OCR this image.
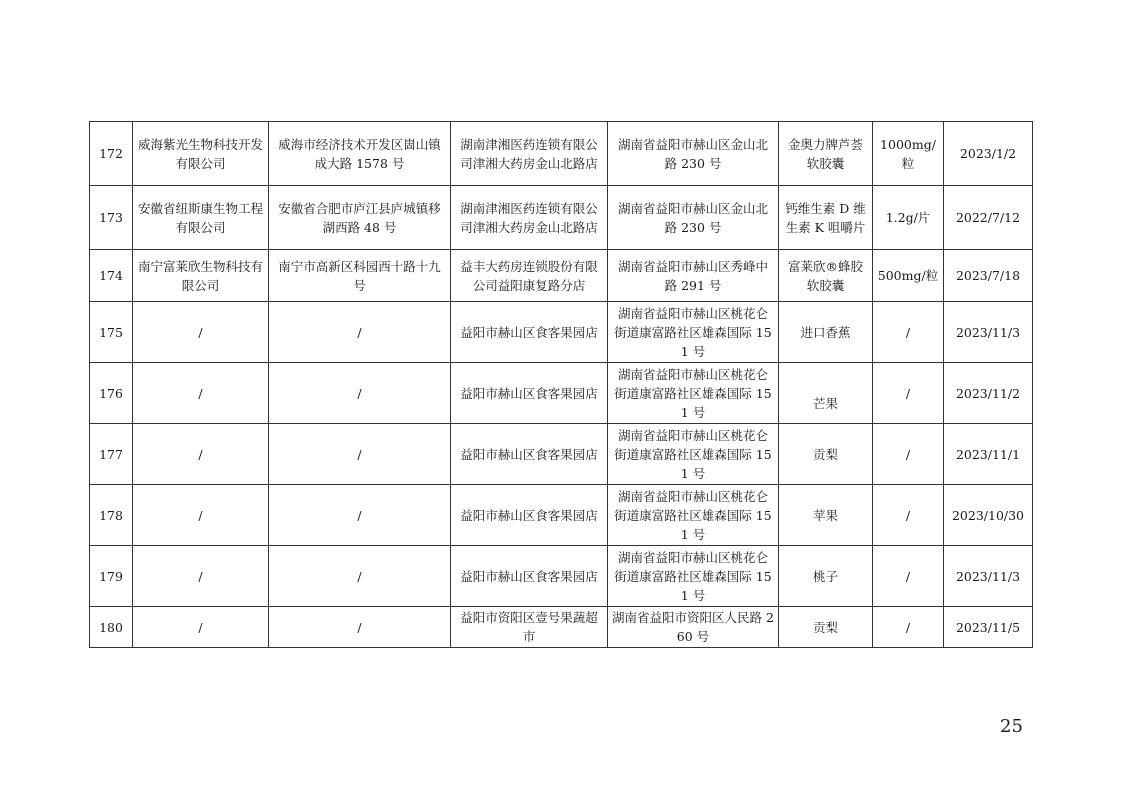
172	威海紫光生物科技开发有限公司	威海市经济技术开发区崮山镇成大路 1578 号	湖南津湘医药连锁有限公司津湘大药房金山北路店	湖南省益阳市赫山区金山北路 230 号	金奥力牌芦荟软胶囊	1000mg/粒	2023/1/2
173	安徽省纽斯康生物工程有限公司	安徽省合肥市庐江县庐城镇移湖西路 48 号	湖南津湘医药连锁有限公司津湘大药房金山北路店	湖南省益阳市赫山区金山北路 230 号	钙维生素 D 维生素 K 咀嚼片	1.2g/片	2022/7/12
174	南宁富莱欣生物科技有限公司	南宁市高新区科园西十路十九号	益丰大药房连锁股份有限公司益阳康复路分店	湖南省益阳市赫山区秀峰中路 291 号	富莱欣®蜂胶软胶囊	500mg/粒	2023/7/18
175	/	/	益阳市赫山区食客果园店	湖南省益阳市赫山区桃花仑街道康富路社区雄森国际 151 号	进口香蕉	/	2023/11/3
176	/	/	益阳市赫山区食客果园店	湖南省益阳市赫山区桃花仑街道康富路社区雄森国际 151 号	芒果	/	2023/11/2
177	/	/	益阳市赫山区食客果园店	湖南省益阳市赫山区桃花仑街道康富路社区雄森国际 151 号	贡梨	/	2023/11/1
178	/	/	益阳市赫山区食客果园店	湖南省益阳市赫山区桃花仑街道康富路社区雄森国际 151 号	苹果	/	2023/10/30
179	/	/	益阳市赫山区食客果园店	湖南省益阳市赫山区桃花仑街道康富路社区雄森国际 151 号	桃子	/	2023/11/3
180	/	/	益阳市资阳区壹号果蔬超市	湖南省益阳市资阳区人民路 260 号	贡梨	/	2023/11/5
25
